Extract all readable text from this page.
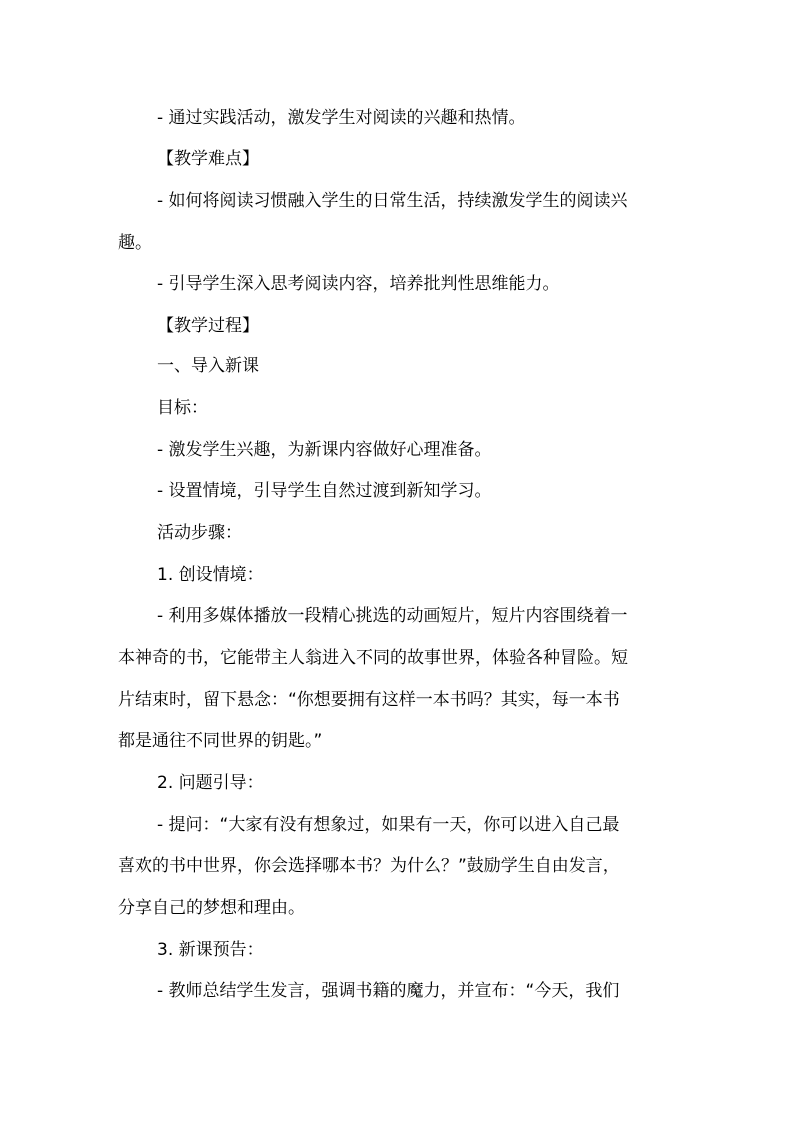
- 通过实践活动，激发学生对阅读的兴趣和热情。

【教学难点】

- 如何将阅读习惯融入学生的日常生活，持续激发学生的阅读兴

趣。

- 引导学生深入思考阅读内容，培养批判性思维能力。

【教学过程】

一、导入新课

目标：

- 激发学生兴趣，为新课内容做好心理准备。

- 设置情境，引导学生自然过渡到新知学习。

活动步骤：

1. 创设情境：

- 利用多媒体播放一段精心挑选的动画短片，短片内容围绕着一

本神奇的书，它能带主人翁进入不同的故事世界，体验各种冒险。短

片结束时，留下悬念：“你想要拥有这样一本书吗？其实，每一本书

都是通往不同世界的钥匙。”

2. 问题引导：

- 提问：“大家有没有想象过，如果有一天，你可以进入自己最

喜欢的书中世界，你会选择哪本书？为什么？”鼓励学生自由发言，

分享自己的梦想和理由。

3. 新课预告：

- 教师总结学生发言，强调书籍的魔力，并宣布：“今天，我们
